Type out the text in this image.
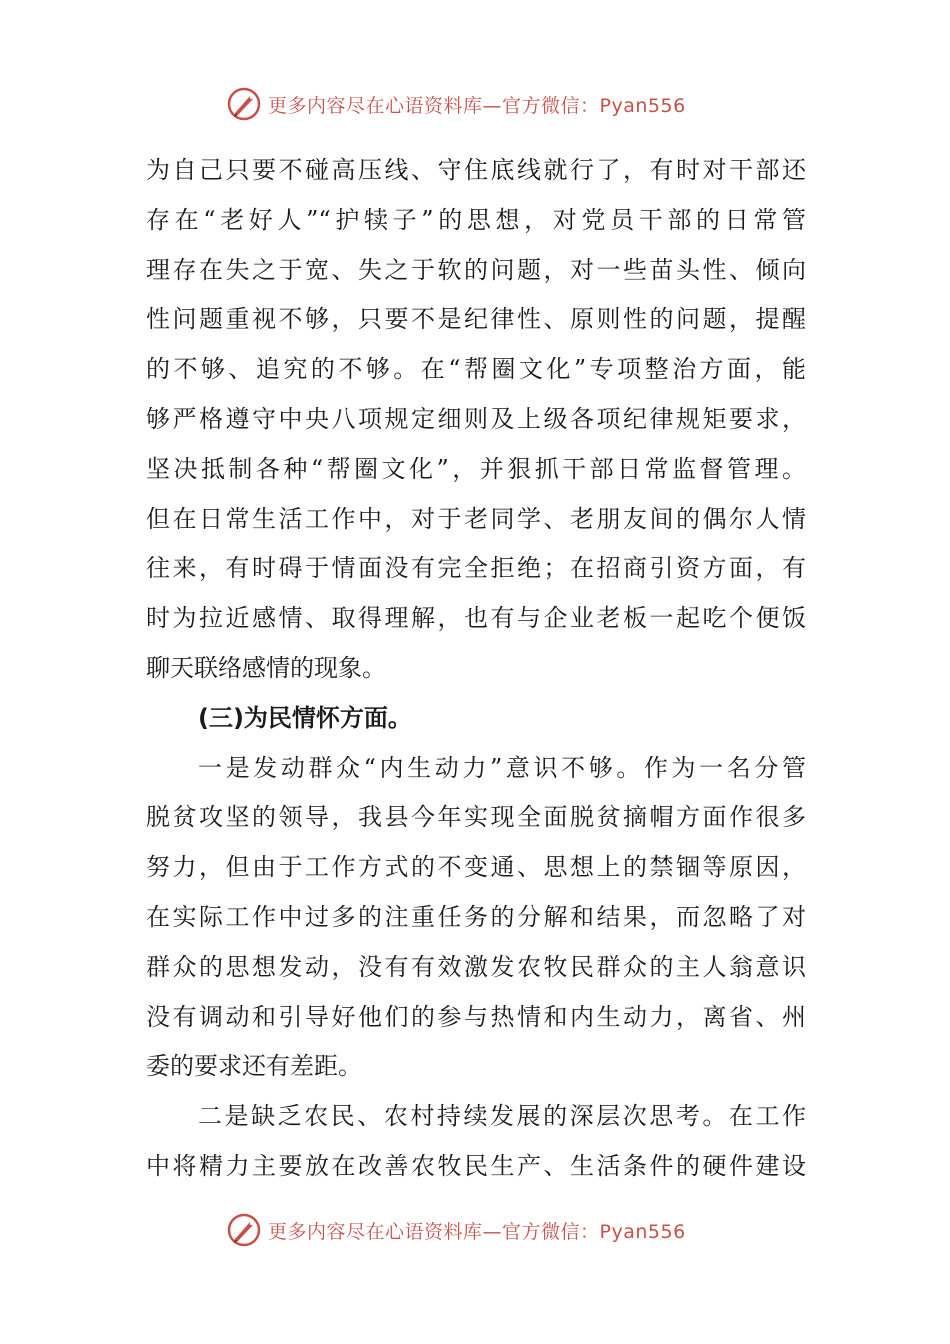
更多内容尽在心语资料库—官方微信：Pyan556
为自己只要不碰高压线、守住底线就行了，有时对干部还
存在“老好人”“护犊子”的思想，对党员干部的日常管
理存在失之于宽、失之于软的问题，对一些苗头性、倾向
性问题重视不够，只要不是纪律性、原则性的问题，提醒
的不够、追究的不够。在“帮圈文化”专项整治方面，能
够严格遵守中央八项规定细则及上级各项纪律规矩要求，
坚决抵制各种“帮圈文化”，并狠抓干部日常监督管理。
但在日常生活工作中，对于老同学、老朋友间的偶尔人情
往来，有时碍于情面没有完全拒绝；在招商引资方面，有
时为拉近感情、取得理解，也有与企业老板一起吃个便饭
聊天联络感情的现象。
(三)为民情怀方面。
一是发动群众“内生动力”意识不够。作为一名分管
脱贫攻坚的领导，我县今年实现全面脱贫摘帽方面作很多
努力，但由于工作方式的不变通、思想上的禁锢等原因，
在实际工作中过多的注重任务的分解和结果，而忽略了对
群众的思想发动，没有有效激发农牧民群众的主人翁意识
没有调动和引导好他们的参与热情和内生动力，离省、州
委的要求还有差距。
二是缺乏农民、农村持续发展的深层次思考。在工作
中将精力主要放在改善农牧民生产、生活条件的硬件建设
更多内容尽在心语资料库—官方微信：Pyan556
